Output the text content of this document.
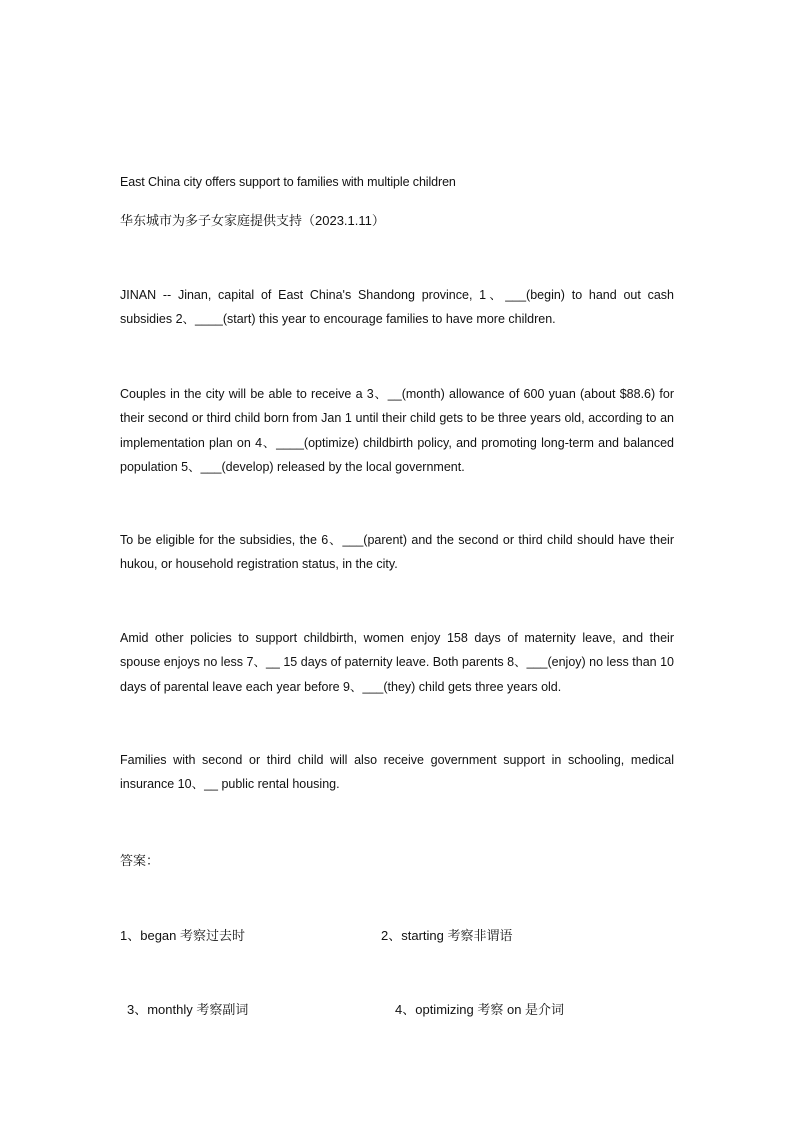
East China city offers support to families with multiple children
华东城市为多子女家庭提供支持（2023.1.11）
JINAN -- Jinan, capital of East China's Shandong province, 1、___(begin) to hand out cash subsidies 2、____(start) this year to encourage families to have more children.
Couples in the city will be able to receive a 3、__(month) allowance of 600 yuan (about $88.6) for their second or third child born from Jan 1 until their child gets to be three years old, according to an implementation plan on 4、____(optimize) childbirth policy, and promoting long-term and balanced population 5、___(develop) released by the local government.
To be eligible for the subsidies, the 6、___(parent) and the second or third child should have their hukou, or household registration status, in the city.
Amid other policies to support childbirth, women enjoy 158 days of maternity leave, and their spouse enjoys no less 7、__ 15 days of paternity leave. Both parents 8、___(enjoy) no less than 10 days of parental leave each year before 9、___(they) child gets three years old.
Families with second or third child will also receive government support in schooling, medical insurance 10、__ public rental housing.
答案：
1、began 考察过去时	2、starting 考察非谓语
3、monthly 考察副词	4、optimizing 考察 on 是介词
